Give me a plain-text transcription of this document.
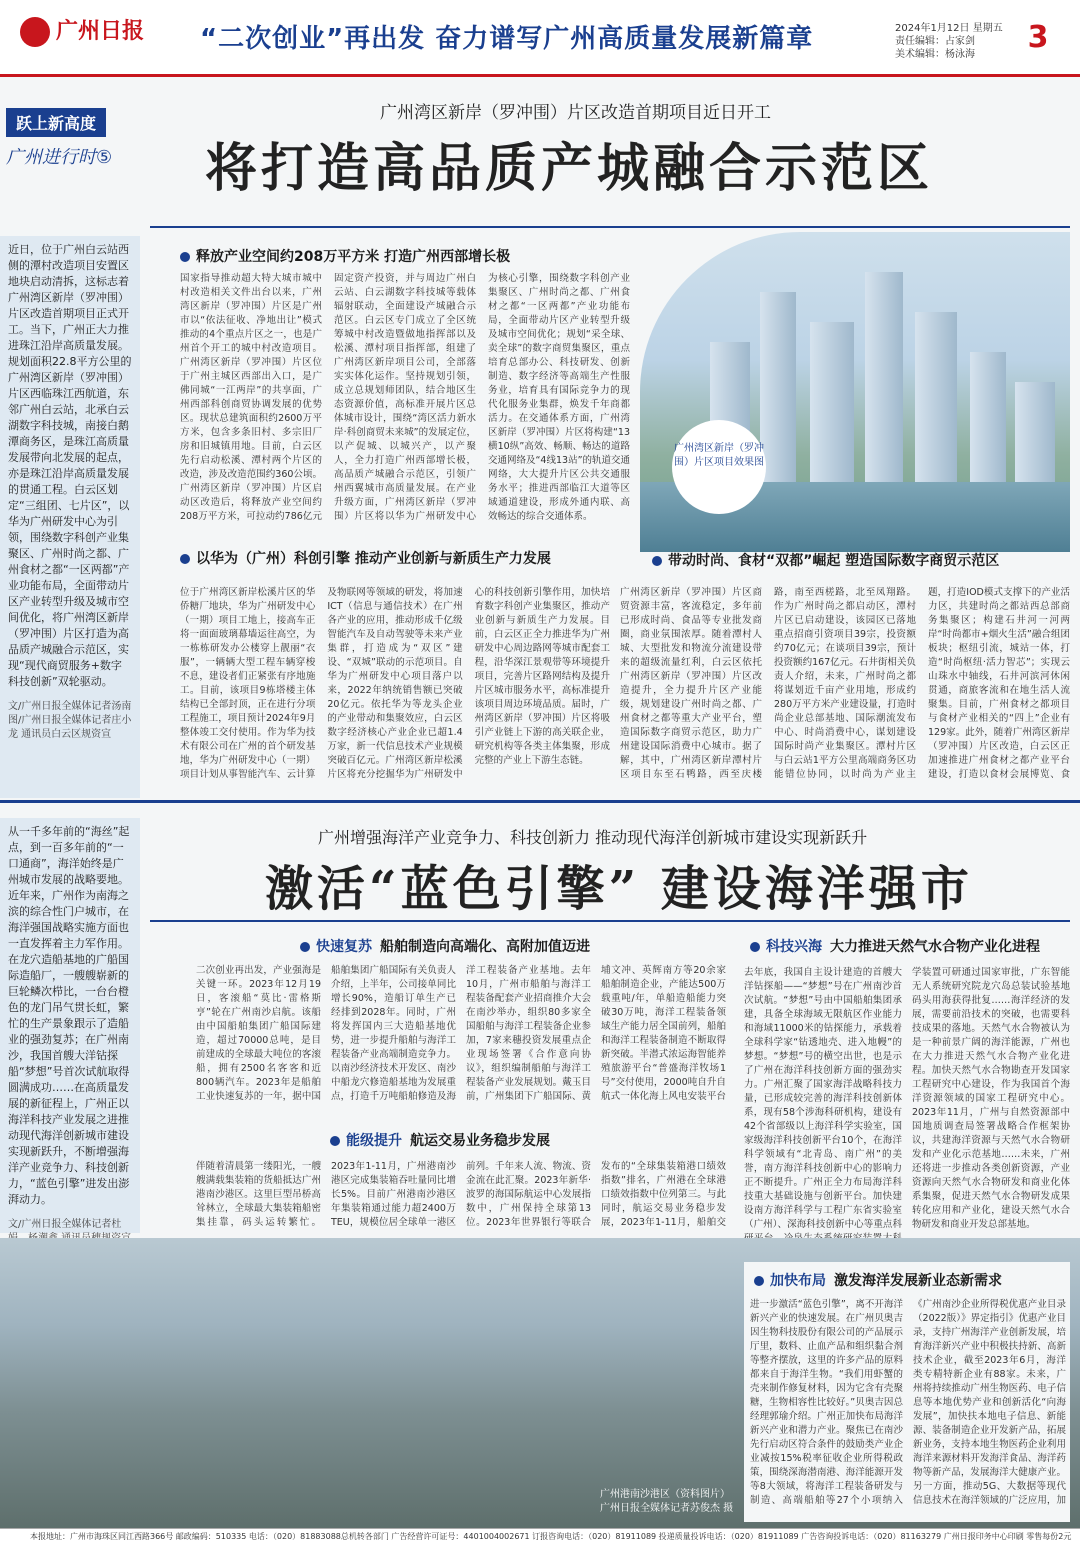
广州日报	“二次创业”再出发 奋力谱写广州高质量发展新篇章	2024年1月12日 星期五
责任编辑：占家剑
美术编辑：杨泳海	3
跃上新高度
广州进行时⑤
广州湾区新岸（罗冲围）片区改造首期项目近日开工
将打造高品质产城融合示范区
近日，位于广州白云站西侧的潭村改造项目安置区地块启动清拆，这标志着广州湾区新岸（罗冲围）片区改造首期项目正式开工。当下，广州正大力推进珠江沿岸高质量发展。规划面积22.8平方公里的广州湾区新岸（罗冲围）片区西临珠江西航道，东邻广州白云站，北承白云湖数字科技城，南接白鹅潭商务区，是珠江高质量发展带向北发展的起点，亦是珠江沿岸高质量发展的贯通工程。白云区划定“三组团、七片区”，以华为广州研发中心为引领，围绕数字科创产业集聚区、广州时尚之都、广州食材之都“一区两都”产业功能布局，全面带动片区产业转型升级及城市空间优化，将广州湾区新岸（罗冲围）片区打造为高品质产城融合示范区，实现“现代商贸服务+数字科技创新”双轮驱动。
文/广州日报全媒体记者汤南 图/广州日报全媒体记者庄小龙 通讯员白云区规资宣
释放产业空间约208万平方米 打造广州西部增长极
国家指导推动超大特大城市城中村改造相关文件出台以来，广州湾区新岸（罗冲围）片区是广州市以“依法征收、净地出让”模式推动的4个重点片区之一，也是广州首个开工的城中村改造项目。广州湾区新岸（罗冲围）片区位于广州主城区西部出入口，是广佛同城“一江两岸”的共享面，广州西部科创商贸协调发展的优势区。现状总建筑面积约2600万平方米，包含多条旧村、多宗旧厂房和旧城镇用地。目前，白云区先行启动松溪、潭村两个片区的改造，涉及改造范围约360公顷。广州湾区新岸（罗冲围）片区启动区改造后，将释放产业空间约208万平方米，可拉动约786亿元固定资产投资，并与周边广州白云站、白云湖数字科技城等载体辐射联动，全面建设产城融合示范区。白云区专门成立了全区统筹城中村改造暨做地指挥部以及松溪、潭村项目指挥部，组建了广州湾区新岸项目公司，全部落实实体化运作。坚持规划引领，成立总规划师团队，结合地区生态资源价值，高标准开展片区总体城市设计，围绕“湾区活力新水岸·科创商贸未来城”的发展定位，以产促城、以城兴产，以产聚人，全力打造广州西部增长极，高品质产城融合示范区，引领广州西翼城市高质量发展。在产业升级方面，广州湾区新岸（罗冲围）片区将以华为广州研发中心为核心引擎，围绕数字科创产业集聚区、广州时尚之都、广州食材之都“一区两都”产业功能布局，全面带动片区产业转型升级及城市空间优化；规划“采全球、卖全球”的数字商贸集聚区，重点培育总部办公、科技研发、创新制造、数字经济等高端生产性服务业，培育具有国际竞争力的现代化服务业集群，焕发千年商都活力。在交通体系方面，广州湾区新岸（罗冲围）片区将构建“13横10纵”高效、畅顺、畅达的道路交通网络及“4线13站”的轨道交通网络，大大提升片区公共交通服务水平；推进西部临江大道等区域通道建设，形成外通内联、高效畅达的综合交通体系。
广州湾区新岸（罗冲围）片区项目效果图
以华为（广州）科创引擎 推动产业创新与新质生产力发展
位于广州湾区新岸松溪片区的华侨糖厂地块，华为广州研发中心（一期）项目工地上，接高车正将一面面玻璃幕墙运往高空，为一栋栋研发办公楼穿上靓丽“衣服”，一辆辆大型工程车辆穿梭不息，建设者们正紧张有序地施工。目前，该项目9栋塔楼主体结构已全部封顶，正在进行分项工程施工，项目预计2024年9月整体竣工交付使用。作为华为技术有限公司在广州的首个研发基地，华为广州研发中心（一期）项目计划从事智能汽车、云计算及物联网等领域的研发，将加速ICT（信息与通信技术）在广州各产业的应用，推动形成千亿级智能汽车及自动驾驶等未来产业集群，打造成为“双区”建设、“双城”联动的示范项目。自华为广州研发中心项目落户以来，2022年纳统销售额已突破20亿元。依托华为等龙头企业的产业带动和集聚效应，白云区数字经济核心产业企业已超1.4万家，新一代信息技术产业规模突破百亿元。广州湾区新岸松溪片区将充分挖掘华为广州研发中心的科技创新引擎作用，加快培育数字科创产业集聚区，推动产业创新与新质生产力发展。目前，白云区正全力推进华为广州研发中心周边路网等城市配套工程，沿华深江景观带等环境提升项目，完善片区路网结构及提升片区城市服务水平，高标准提升该项目周边环境品质。届时，广州湾区新岸（罗冲围）片区将吸引产业链上下游的高关联企业，研究机构等各类主体集聚，形成完整的产业上下游生态链。
带动时尚、食材“双都”崛起 塑造国际数字商贸示范区
广州湾区新岸（罗冲围）片区商贸资源丰富，客流稳定，多年前已形成时尚、食品等专业批发商圈，商业氛围浓厚。随着潭村人城、大型批发和物流分流建设带来的超级流量红利，白云区依托广州湾区新岸（罗冲围）片区改造提升，全力提升片区产业能级，规划建设广州时尚之都、广州食材之都等重大产业平台，塑造国际数字商贸示范区，助力广州建设国际消费中心城市。据了解，其中，广州湾区新岸潭村片区项目东至石鸭路，西至庆楼路，南至西槎路，北至凤翔路。作为广州时尚之都启动区，潭村片区已启动建设，该园区已落地重点招商引资项目39宗，投资额约70亿元；在谈项目39宗，预计投资额约167亿元。石井街相关负责人介绍，未来，广州时尚之都将谋划近千亩产业用地，形成约280万平方米产业建设量，打造时尚企业总部基地、国际潮流发布中心、时尚消费中心，谋划建设国际时尚产业集聚区。潭村片区与白云站1平方公里高端商务区功能错位协同，以时尚为产业主题，打造IOD模式支撑下的产业活力区，共建时尚之都站西总部商务集聚区；构建石井河一河两岸“时尚都市+烟火生活”融合组团板块；枢纽引流，城站一体，打造“时尚枢纽·活力智芯”；实现云山珠水中轴线，石井河滨河休闲贯通，商旅客流和在地生活人流聚集。目前，广州食材之都项目与食材产业相关的“四上”企业有129家。此外，随着广州湾区新岸（罗冲围）片区改造，白云区正加速推进广州食材之都产业平台建设，打造以食材会展博览、食
广州增强海洋产业竞争力、科技创新力 推动现代海洋创新城市建设实现新跃升
激活“蓝色引擎” 建设海洋强市
从一千多年前的“海丝”起点，到一百多年前的“一口通商”，海洋始终是广州城市发展的战略要地。近年来，广州作为南海之滨的综合性门户城市，在海洋强国战略实施方面也一直发挥着主力军作用。在龙穴造船基地的广船国际造船厂，一艘艘崭新的巨轮鳞次栉比，一台台橙色的龙门吊气贯长虹，繁忙的生产景象跟示了造船业的强劲复苏；在广州南沙，我国首艘大洋钻探船“梦想”号首次试航取得圆满成功……在高质量发展的新征程上，广州正以海洋科技产业发展之进推动现代海洋创新城市建设实现新跃升，不断增强海洋产业竞争力、科技创新力，“蓝色引擎”进发出澎湃动力。
文/广州日报全媒体记者杜
快速复苏 船舶制造向高端化、高附加值迈进
二次创业再出发，产业强海是关键一环。2023年12月19日，客滚船“莫比·雷格斯亨”轮在广州南沙启航。该船由中国船舶集团广船国际建造，超过70000总吨，是目前建成的全球最大吨位的客滚船，拥有2500名客客和近800辆汽车。2023年是船舶工业快速复苏的一年，据中国船舶集团广船国际有关负责人介绍，上半年，公司接单同比增长90%，造船订单生产已经排到2028年。同时，广州将发挥国内三大造船基地优势，进一步提升船舶与海洋工程装备产业高端制造竞争力。以南沙经济技术开发区、南沙中船龙穴修造船基地为发展重点，打造千万吨船舶修造及海洋工程装备产业基地。去年10月，广州市船舶与海洋工程装备配套产业招商推介大会在南沙举办，组织80多家全国船舶与海洋工程装备企业参加，7家来穗投资发展重点企业现场签署《合作意向协议》，组织编制船舶与海洋工程装备产业发展规划。戴玉目前，广州集团下广船国际、黄埔文冲、英辉南方等20余家船舶制造企业，产能达500万载重吨/年，单船造船能力突破30万吨，海洋工程装备领域生产能力居全国前列，船舶和海洋工程装备制造不断取得新突破。半潜式浓运海智能养殖旅游平台“普盛海洋牧场1号”交付使用，2000吨自升自航式一体化海上风电安装平台
能级提升 航运交易业务稳步发展
伴随着清晨第一缕阳光，一艘艘满载集装箱的货船抵达广州港南沙港区。这里巨型吊桥高耸林立，全球最大集装箱船密集挂靠，码头运转繁忙。2023年1-11月，广州港南沙港区完成集装箱吞吐量同比增长5%。目前广州港南沙港区年集装箱通过能力超2400万TEU，规模位居全球单一港区前列。千年来人流、物流、资金流在此汇聚。2023年新华·波罗的海国际航运中心发展指数中，广州保持全球第13位。2023年世界银行等联合发布的“全球集装箱港口绩效指数”排名，广州港在全球港口绩效指数中位列第三。与此同时，航运交易业务稳步发展，2023年1-11月，船舶交
科技兴海 大力推进天然气水合物产业化进程
去年底，我国自主设计建造的首艘大洋钻探船——“梦想”号在广州南沙首次试航。“梦想”号由中国船舶集团承建，具备全球海域无限航区作业能力和海域11000米的钻探能力，承载着全球科学家“钻透地壳、进入地幔”的梦想。“梦想”号的横空出世，也是示了广州在海洋科技创新方面的强劲实力。广州汇聚了国家海洋战略科技力量，已形成较完善的海洋科技创新体系，现有58个涉海科研机构，建设有42个省部级以上海洋科学实验室，国家级海洋科技创新平台10个，在海洋科学领域有“北青岛、南广州”的美誉，南方海洋科技创新中心的影响力正不断提升。广州正全力布局海洋科技重大基础设施与创新平台。加快建设南方海洋科学与工程广东省实验室（广州）、深海科技创新中心等重点科 学装置可研通过国家审批，广东智能无人系统研究院龙穴岛总装试验基地码头用海获得批复……海洋经济的发展，需要前沿技术的突破，也需要科技成果的落地。天然气水合物被认为是一种前景广阔的海洋能源，广州也在大力推进天然气水合物产业化进程。加快天然气水合物勘查开发国家工程研究中心建设，作为我国首个海洋资源领域的国家工程研究中心。2023年11月，广州与自然资源部中国地质调查局签署战略合作框架协议，共建海洋资源与天然气水合物研发和产业化示范基地……未来，广州还将进一步推动各类创新资源，产业资源向天然气水合物研发和商业化体系集聚，促进天然气水合物研发成果转化应用和产业化，建设天然气水合物研发和商业开发总部基地。
广州港南沙港区（资料图片）
广州日报全媒体记者苏俊杰 摄
加快布局 激发海洋发展新业态新需求
进一步激活“蓝色引擎”，离不开海洋新兴产业的快速发展。在广州贝奥吉因生物科技股份有限公司的产品展示厅里，数料、止血产品和组织黏合剂等整齐摆放，这里的许多产品的原料都来自于海洋生物。“我们用虾蟹的壳来制作修复材料，因为它含有壳聚糖，生物相容性比较好。”贝奥吉因总经理郭瑜介绍。广州正加快布局海洋新兴产业和潜力产业。聚焦已在南沙先行启动区符合条件的鼓励类产业企业减按15%税率征收企业所得税政策，围绕深海潜南港、海洋能源开发等8大领域，将海洋工程装备研发与制造、高端船舶等27个小项纳入《广州南沙企业所得税优惠产业目录（2022版）》界定指引》优惠产业目录，支持广州海洋产业创新发展，培育海洋新兴产业中积极扶持新、高新技术企业，截至2023年6月，海洋类专精特新企业有88家。未来，广州将持续推动广州生物医药、电子信息等本地优势产业和创新活化“向海发展”，加快扶本地电子信息、新能源、装备制造企业开发新产品，拓展新业务，支持本地生物医药企业利用海洋来源材料开发海洋食品、海洋药物等新产品，发展海洋大健康产业。另一方面，推动5G、大数据等现代信息技术在海洋领域的广泛应用，加
本报地址：广州市海珠区同江西路366号 邮政编码：510335 电话：（020）81883088总机转各部门 广告经营许可证号：4401004002671 订报咨询电话：（020）81911089 投递质量投诉电话：（020）81911089 广告咨询投诉电话：（020）81163279 广州日报印务中心印刷 零售每份2元
